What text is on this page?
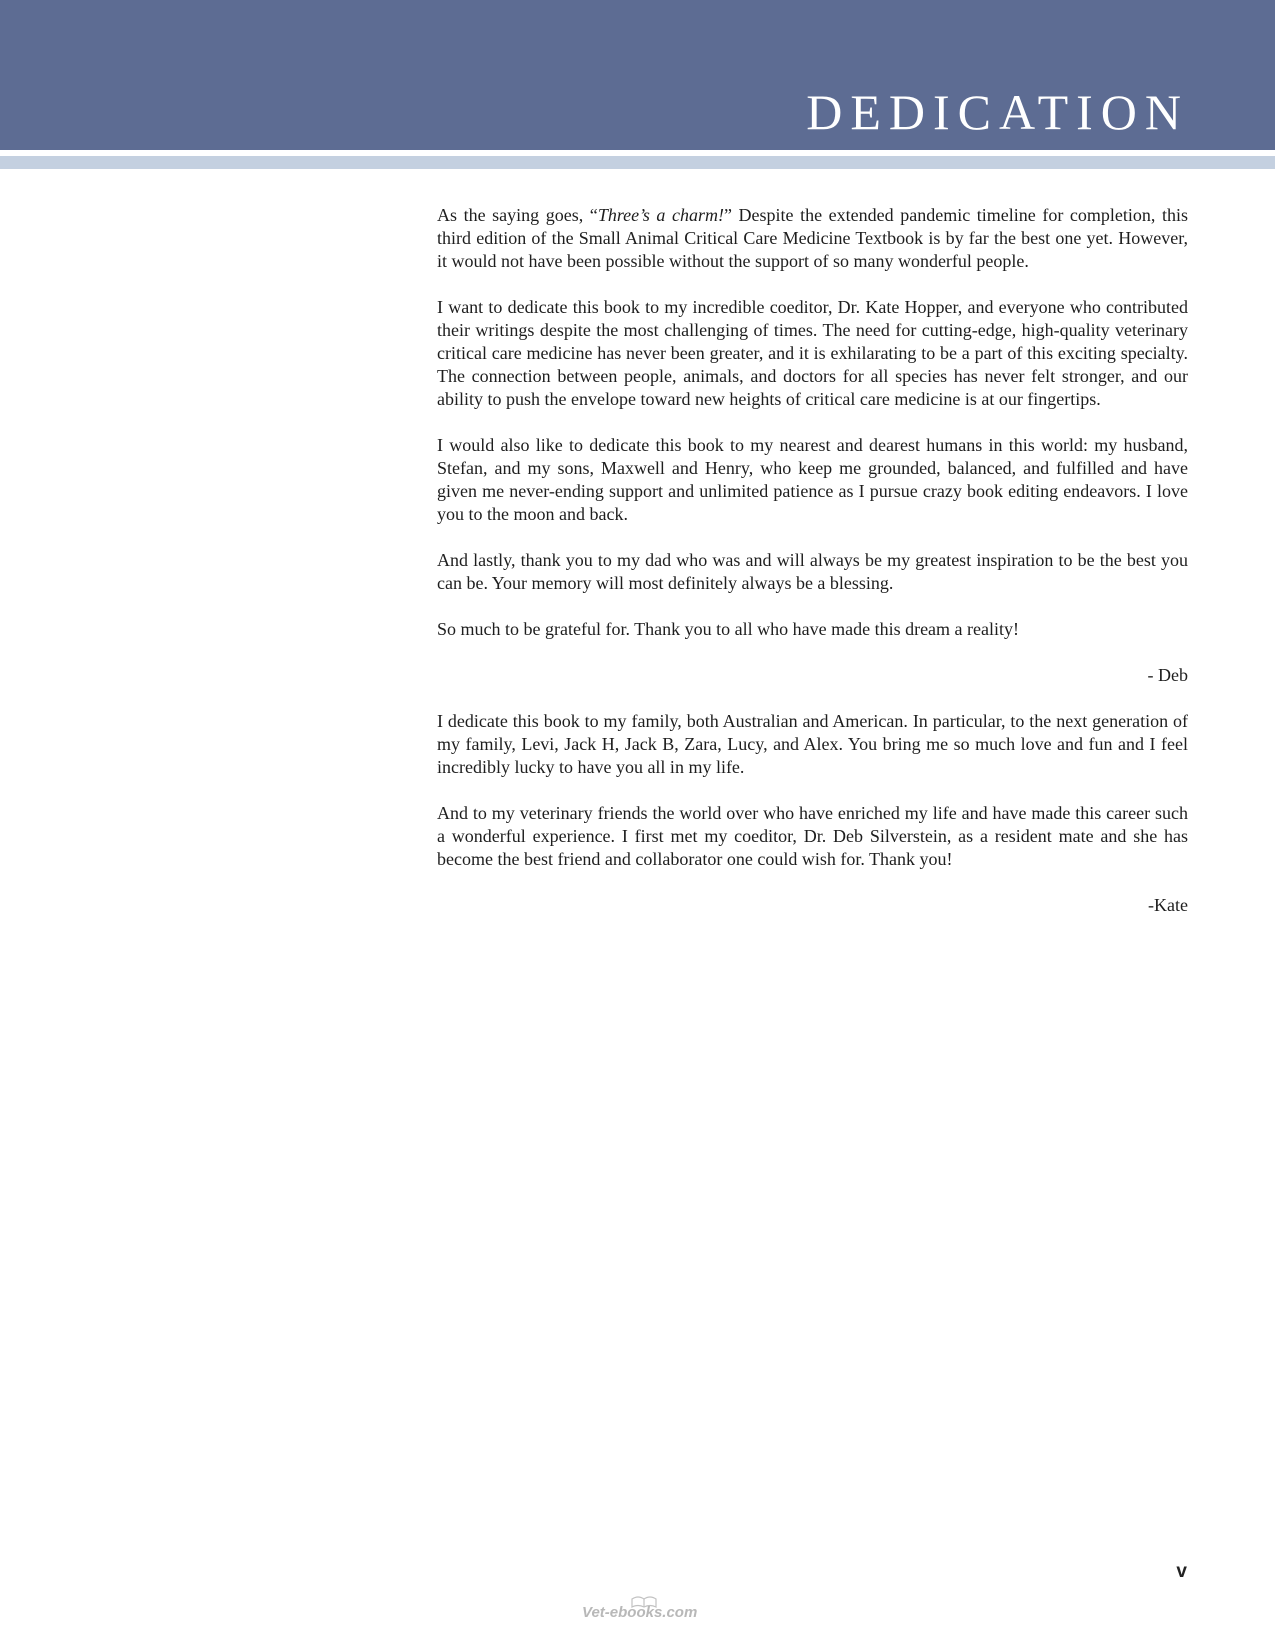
DEDICATION

As the saying goes, “Three’s a charm!” Despite the extended pandemic timeline for completion, this third edition of the Small Animal Critical Care Medicine Textbook is by far the best one yet. However, it would not have been possible without the support of so many wonderful people.

I want to dedicate this book to my incredible coeditor, Dr. Kate Hopper, and everyone who contributed their writings despite the most challenging of times. The need for cutting-edge, high-quality veterinary critical care medicine has never been greater, and it is exhilarating to be a part of this exciting specialty. The connection between people, animals, and doctors for all species has never felt stronger, and our ability to push the envelope toward new heights of critical care medicine is at our fingertips.

I would also like to dedicate this book to my nearest and dearest humans in this world: my husband, Stefan, and my sons, Maxwell and Henry, who keep me grounded, balanced, and fulfilled and have given me never-ending support and unlimited patience as I pursue crazy book editing endeavors. I love you to the moon and back.

And lastly, thank you to my dad who was and will always be my greatest inspiration to be the best you can be. Your memory will most definitely always be a blessing.

So much to be grateful for. Thank you to all who have made this dream a reality!

- Deb

I dedicate this book to my family, both Australian and American. In particular, to the next generation of my family, Levi, Jack H, Jack B, Zara, Lucy, and Alex. You bring me so much love and fun and I feel incredibly lucky to have you all in my life.

And to my veterinary friends the world over who have enriched my life and have made this career such a wonderful experience. I first met my coeditor, Dr. Deb Silverstein, as a resident mate and she has become the best friend and collaborator one could wish for. Thank you!

-Kate

v
Vet-ebooks.com
